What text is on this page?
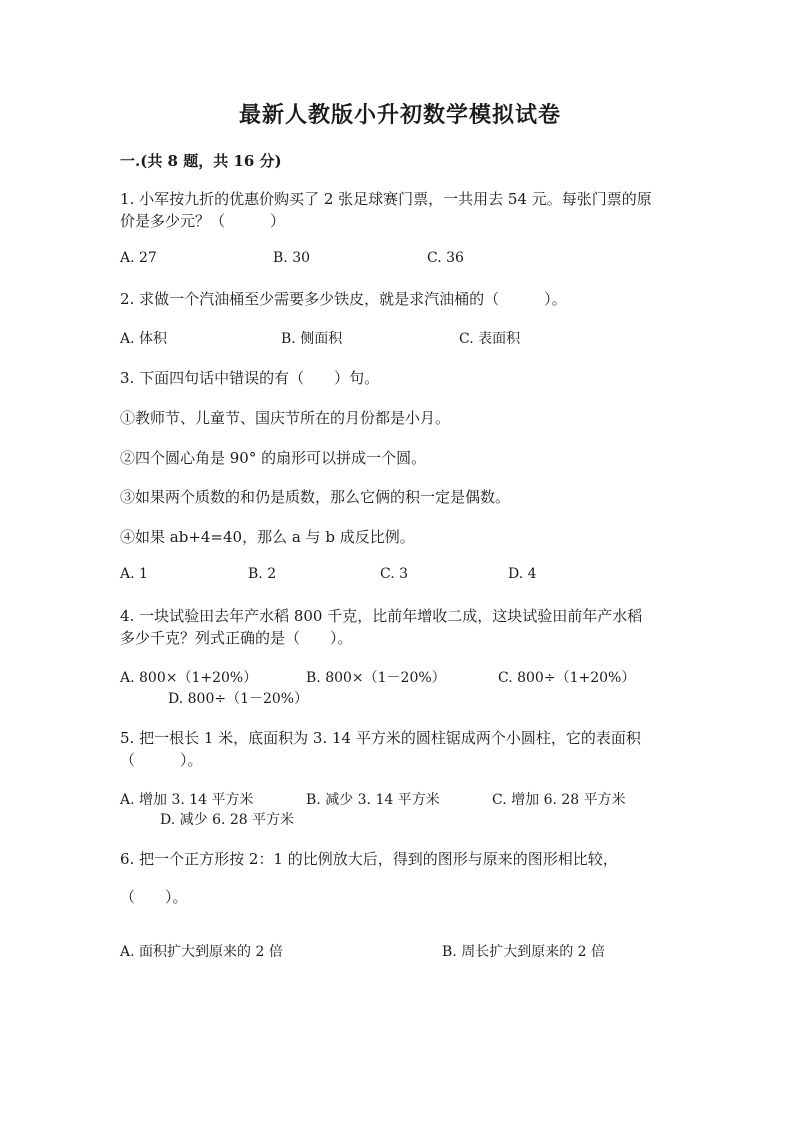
最新人教版小升初数学模拟试卷
一.(共 8 题，共 16 分)
1. 小军按九折的优惠价购买了 2 张足球赛门票，一共用去 54 元。每张门票的原
价是多少元？（　　　）
A. 27	B. 30	C. 36
2. 求做一个汽油桶至少需要多少铁皮，就是求汽油桶的（　　　）。
A. 体积	B. 侧面积	C. 表面积
3. 下面四句话中错误的有（　　）句。
①教师节、儿童节、国庆节所在的月份都是小月。
②四个圆心角是 90° 的扇形可以拼成一个圆。
③如果两个质数的和仍是质数，那么它俩的积一定是偶数。
④如果 ab+4=40，那么 a 与 b 成反比例。
A. 1	B. 2	C. 3	D. 4
4. 一块试验田去年产水稻 800 千克，比前年增收二成，这块试验田前年产水稻
多少千克？列式正确的是（　　）。
A. 800×（1+20%）	B. 800×（1－20%）	C. 800÷（1+20%）
D. 800÷（1－20%）
5. 把一根长 1 米，底面积为 3. 14 平方米的圆柱锯成两个小圆柱，它的表面积
（　　　）。
A. 增加 3. 14 平方米	B. 减少 3. 14 平方米	C. 增加 6. 28 平方米
D. 减少 6. 28 平方米
6. 把一个正方形按 2：1 的比例放大后，得到的图形与原来的图形相比较，
（　　）。
A. 面积扩大到原来的 2 倍	B. 周长扩大到原来的 2 倍
